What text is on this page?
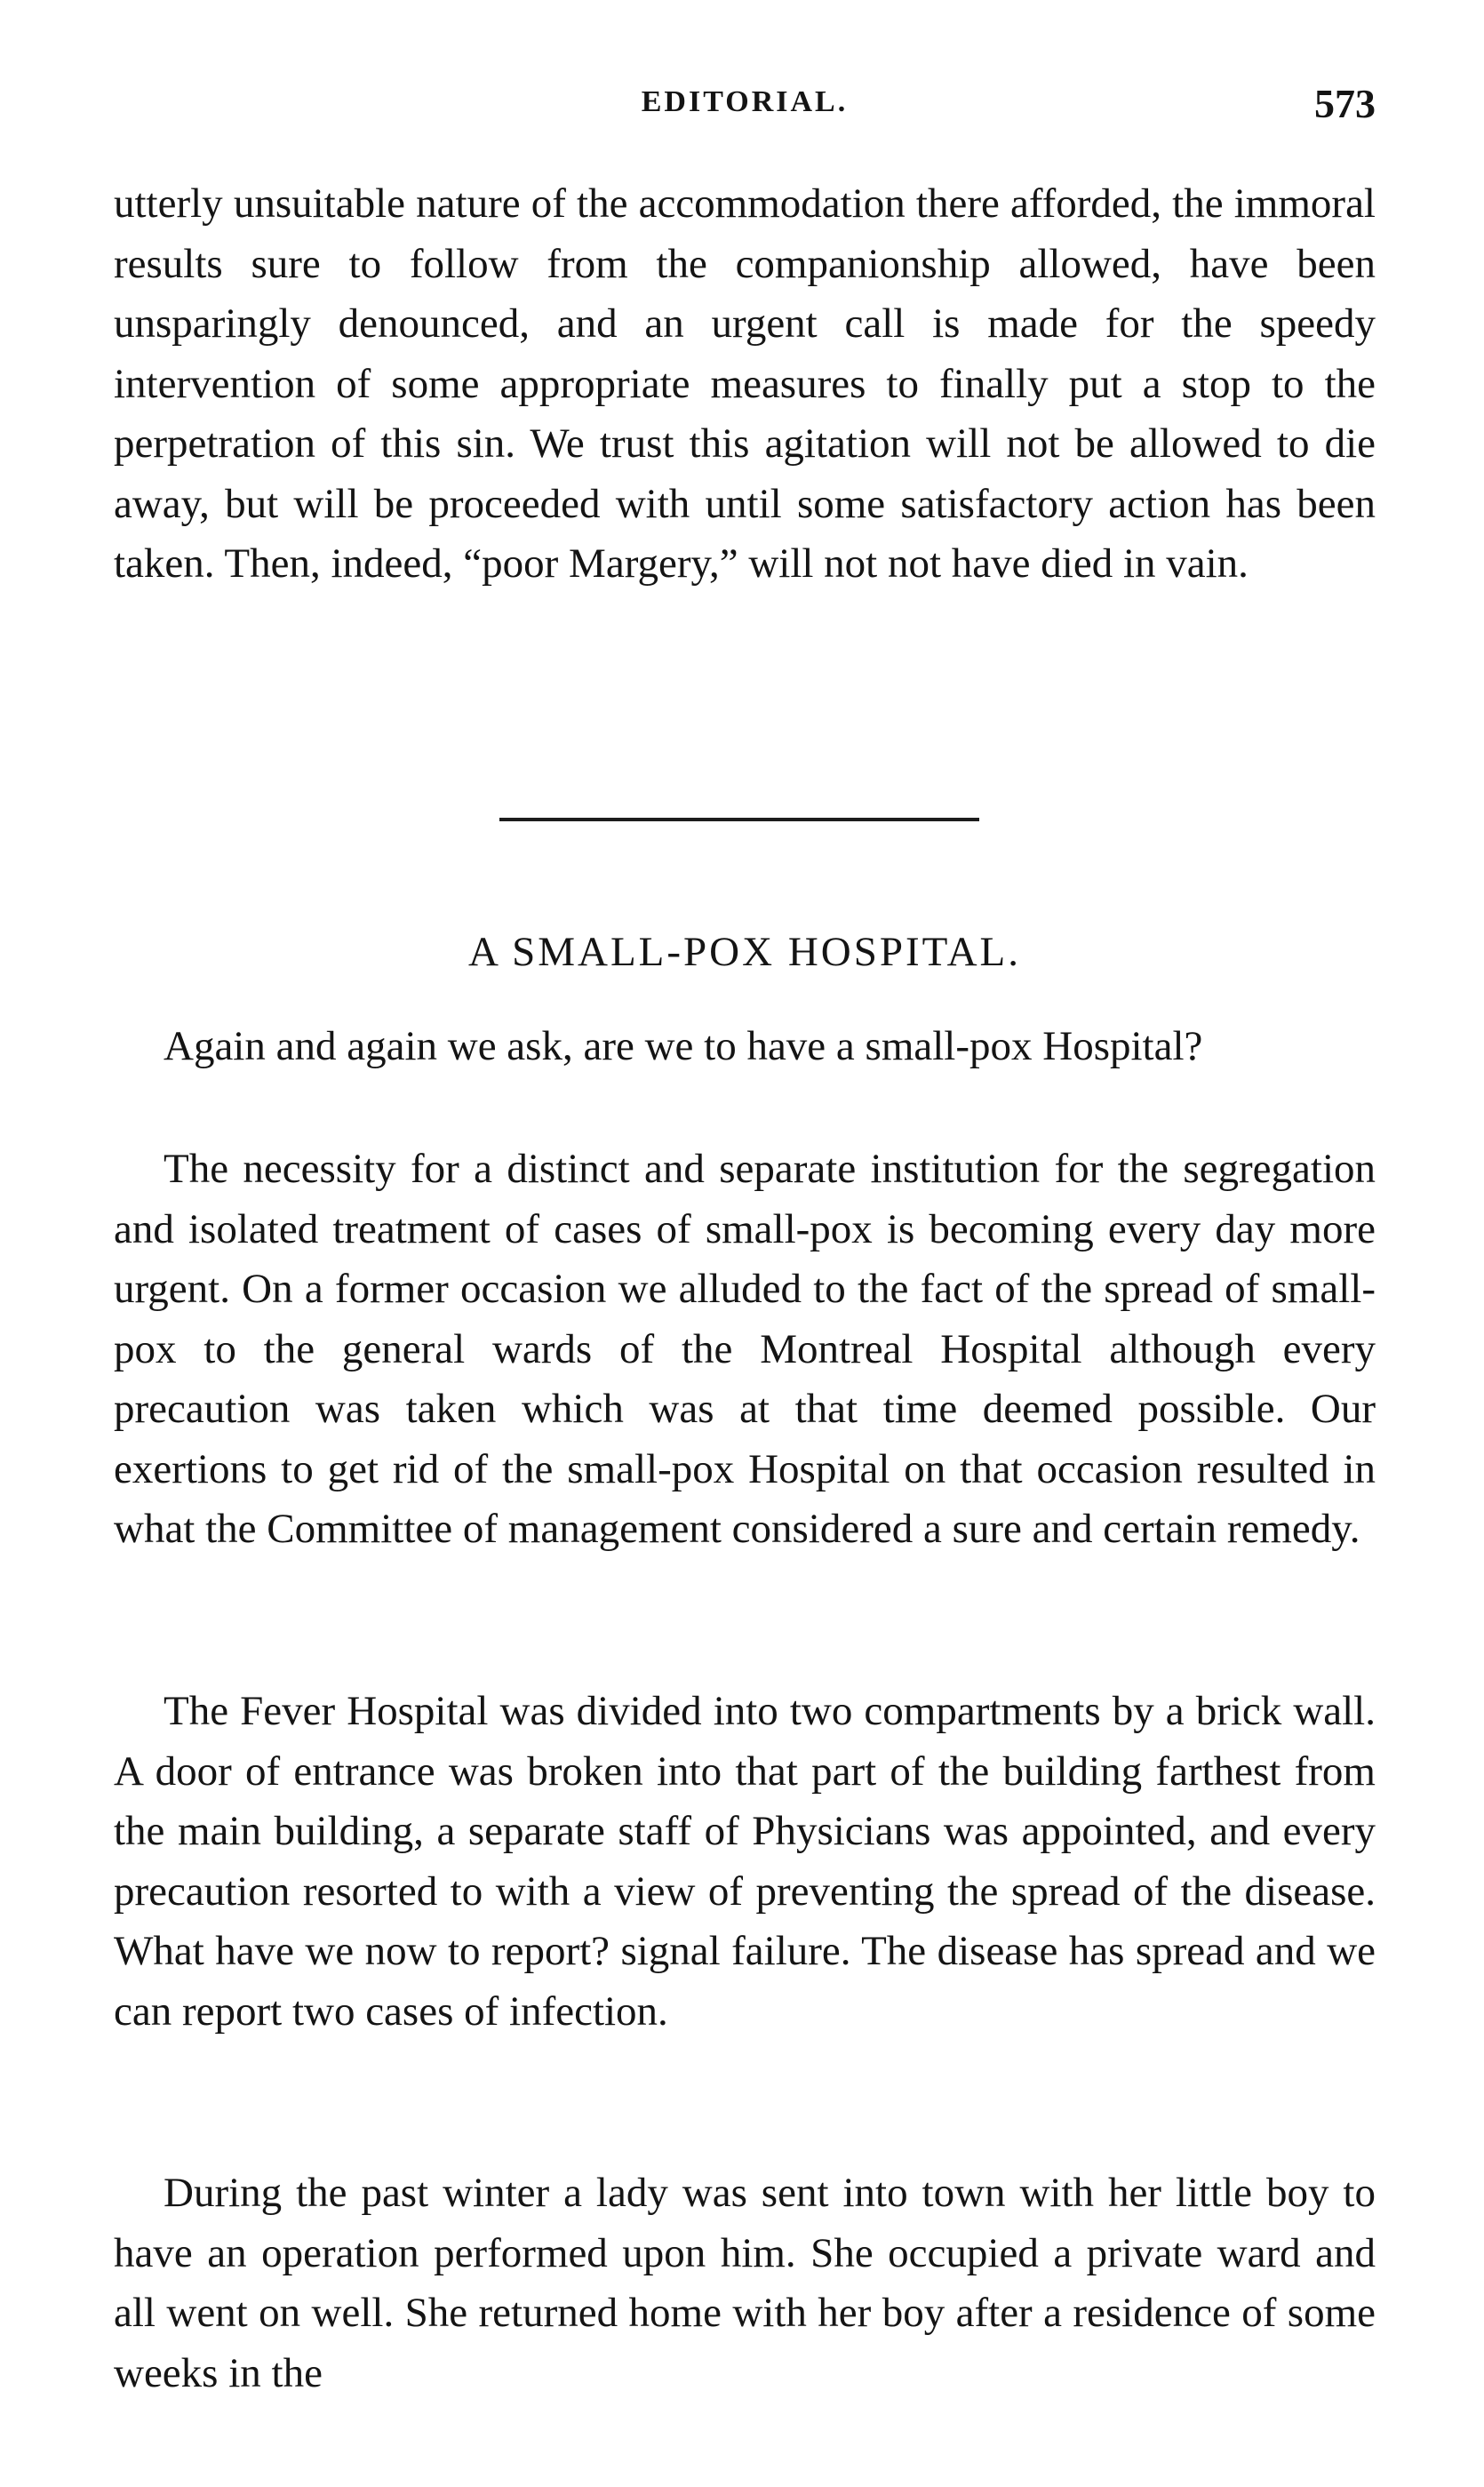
EDITORIAL.	573

utterly unsuitable nature of the accommodation there afforded, the immoral results sure to follow from the companionship allowed, have been unsparingly denounced, and an urgent call is made for the speedy intervention of some appropriate measures to finally put a stop to the perpetration of this sin. We trust this agitation will not be allowed to die away, but will be proceeded with until some satisfactory action has been taken. Then, indeed, “poor Margery,” will not not have died in vain.

A SMALL-POX HOSPITAL.

Again and again we ask, are we to have a small-pox Hospital?

The necessity for a distinct and separate institution for the segregation and isolated treatment of cases of small-pox is becoming every day more urgent. On a former occasion we alluded to the fact of the spread of small-pox to the general wards of the Montreal Hospital although every precaution was taken which was at that time deemed possible. Our exertions to get rid of the small-pox Hospital on that occasion resulted in what the Committee of management considered a sure and certain remedy.

The Fever Hospital was divided into two compartments by a brick wall. A door of entrance was broken into that part of the building farthest from the main building, a separate staff of Physicians was appointed, and every precaution resorted to with a view of preventing the spread of the disease. What have we now to report? signal failure. The disease has spread and we can report two cases of infection.

During the past winter a lady was sent into town with her little boy to have an operation performed upon him. She occupied a private ward and all went on well. She returned home with her boy after a residence of some weeks in the
